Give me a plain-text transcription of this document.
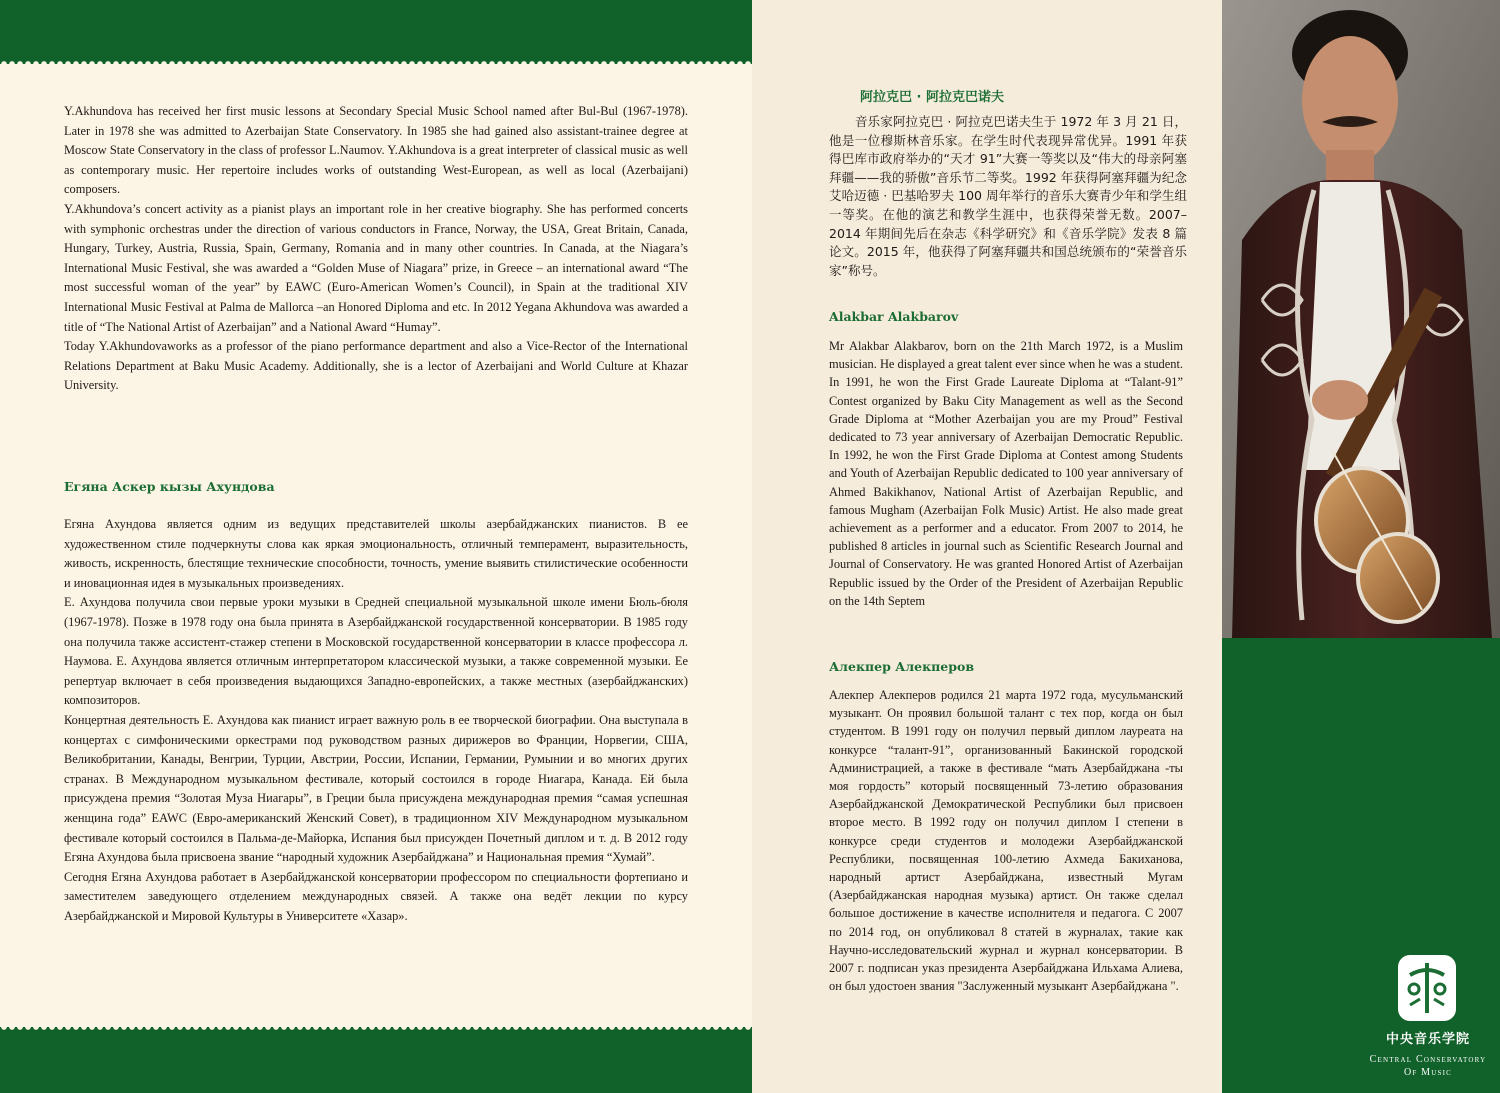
Y.Akhundova has received her first music lessons at Secondary Special Music School named after Bul-Bul (1967-1978). Later in 1978 she was admitted to Azerbaijan State Conservatory. In 1985 she had gained also assistant-trainee degree at Moscow State Conservatory in the class of professor L.Naumov. Y.Akhundova is a great interpreter of classical music as well as contemporary music. Her repertoire includes works of outstanding West-European, as well as local (Azerbaijani) composers.

Y.Akhundova’s concert activity as a pianist plays an important role in her creative biography. She has performed concerts with symphonic orchestras under the direction of various conductors in France, Norway, the USA, Great Britain, Canada, Hungary, Turkey, Austria, Russia, Spain, Germany, Romania and in many other countries. In Canada, at the Niagara’s International Music Festival, she was awarded a “Golden Muse of Niagara” prize, in Greece – an international award “The most successful woman of the year” by EAWC (Euro-American Women’s Council), in Spain at the traditional XIV International Music Festival at Palma de Mallorca –an Honored Diploma and etc. In 2012 Yegana Akhundova was awarded a title of “The National Artist of Azerbaijan” and a National Award “Humay”.

Today Y.Akhundovaworks as a professor of the piano performance department and also a Vice-Rector of the International Relations Department at Baku Music Academy. Additionally, she is a lector of Azerbaijani and World Culture at Khazar University.

Егяна Аскер кызы Ахундова

Егяна Ахундова является одним из ведущих представителей школы азербайджанских пианистов. В ее художественном стиле подчеркнуты слова как яркая эмоциональность, отличный темперамент, выразительность, живость, искренность, блестящие технические способности, точность, умение выявить стилистические особенности и иновационная идея в музыкальных произведениях.

Е. Ахундова получила свои первые уроки музыки в Средней специальной музыкальной школе имени Бюль-бюля (1967-1978). Позже в 1978 году она была принята в Азербайджанской государственной консерватории. В 1985 году она получила также ассистент-стажер степени в Московской государственной консерватории в классе профессора л. Наумова. Е. Ахундова является отличным интерпретатором классической музыки, а также современной музыки. Ее репертуар включает в себя произведения выдающихся Западно-европейских, а также местных (азербайджанских) композиторов.

Концертная деятельность Е. Ахундова как пианист играет важную роль в ее творческой биографии. Она выступала в концертах с симфоническими оркестрами под руководством разных дирижеров во Франции, Норвегии, США, Великобритании, Канады, Венгрии, Турции, Австрии, России, Испании, Германии, Румынии и во многих других странах. В Международном музыкальном фестивале, который состоился в городе Ниагара, Канада. Ей была присуждена премия “Золотая Муза Ниагары”, в Греции была присуждена международная премия “самая успешная женщина года” EAWC (Евро-американский Женский Совет), в традиционном XIV Международном музыкальном фестивале который состоился в Пальма-де-Майорка, Испания был присужден Почетный диплом и т. д. В 2012 году Егяна Ахундова была присвоена звание “народный художник Азербайджана” и Национальная премия “Хумай”.

Сегодня Егяна Ахундова работает в Азербайджанской консерватории профессором по специальности фортепиано и заместителем заведующего отделением международных связей. А также она ведёт лекции по курсу Азербайджанской и Мировой Культуры в Университете «Хазар».

阿拉克巴 · 阿拉克巴诺夫

音乐家阿拉克巴 · 阿拉克巴诺夫生于 1972 年 3 月 21 日，他是一位穆斯林音乐家。在学生时代表现异常优异。1991 年获得巴库市政府举办的“天才 91”大赛一等奖以及“伟大的母亲阿塞拜疆——我的骄傲”音乐节二等奖。1992 年获得阿塞拜疆为纪念艾哈迈德 · 巴基哈罗夫 100 周年举行的音乐大赛青少年和学生组一等奖。在他的演艺和教学生涯中，也获得荣誉无数。2007–2014 年期间先后在杂志《科学研究》和《音乐学院》发表 8 篇论文。2015 年，他获得了阿塞拜疆共和国总统颁布的“荣誉音乐家”称号。

Alakbar Alakbarov

Mr Alakbar Alakbarov, born on the 21th March 1972, is a Muslim musician. He displayed a great talent ever since when he was a student. In 1991, he won the First Grade Laureate Diploma at “Talant-91” Contest organized by Baku City Management as well as the Second Grade Diploma at “Mother Azerbaijan you are my Proud” Festival dedicated to 73 year anniversary of Azerbaijan Democratic Republic. In 1992, he won the First Grade Diploma at Contest among Students and Youth of Azerbaijan Republic dedicated to 100 year anniversary of Ahmed Bakikhanov, National Artist of Azerbaijan Republic, and famous Mugham (Azerbaijan Folk Music) Artist. He also made great achievement as a performer and a educator. From 2007 to 2014, he published 8 articles in journal such as Scientific Research Journal and Journal of Conservatory. He was granted Honored Artist of Azerbaijan Republic issued by the Order of the President of Azerbaijan Republic on the 14th Septem

Алекпер Алекперов

Алекпер Алекперов родился 21 марта 1972 года, мусульманский музыкант. Он проявил большой талант с тех пор, когда он был студентом. В 1991 году он получил первый диплом лауреата на конкурсе “талант-91”, организованный Бакинской городской Администрацией, а также в фестивале “мать Азербайджана -ты моя гордость” который посвященный 73-летию образования Азербайджанской Демократической Республики был присвоен второе место. В 1992 году он получил диплом I степени в конкурсе среди студентов и молодежи Азербайджанской Республики, посвященная 100-летию Ахмеда Бакиханова, народный артист Азербайджана, известный Мугам (Азербайджанская народная музыка) артист. Он также сделал большое достижение в качестве исполнителя и педагога. С 2007 по 2014 год, он опубликовал 8 статей в журналах, такие как Научно-исследовательский журнал и журнал консерватории. В 2007 г. подписан указ президента Азербайджана Ильхама Алиева, он был удостоен звания "Заслуженный музыкант Азербайджана ".

中央音乐学院
Central Conservatory
Of Music
